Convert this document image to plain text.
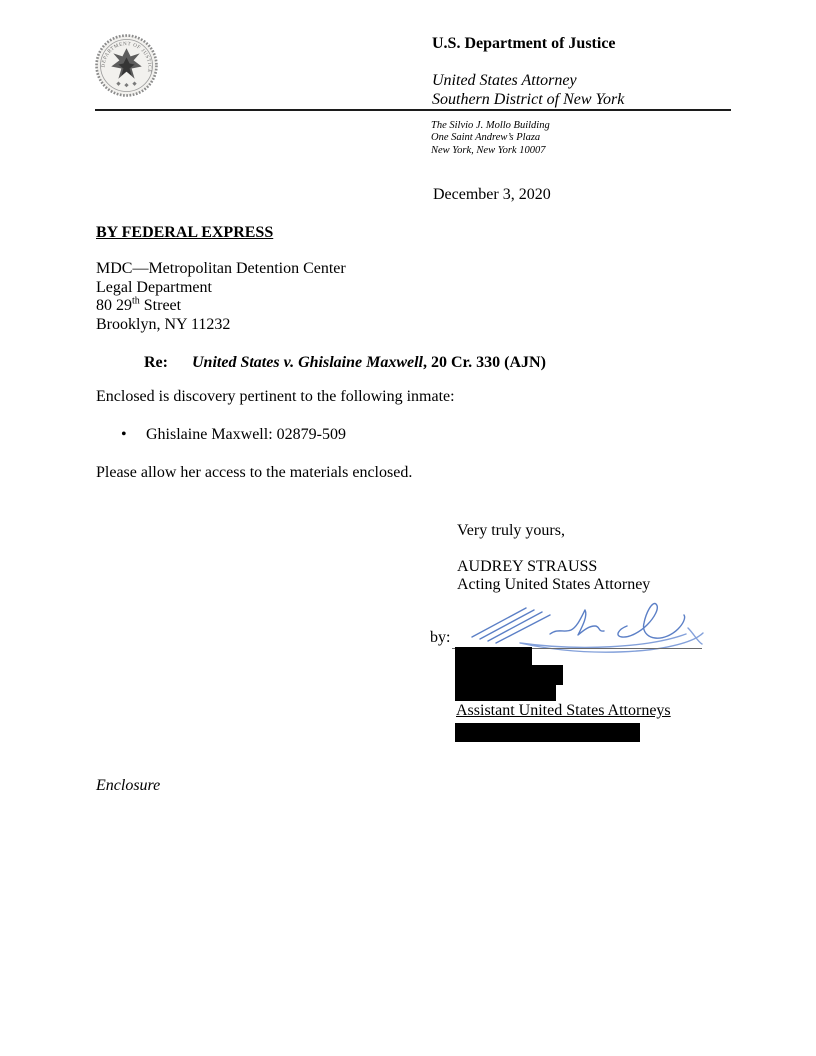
DEPARTMENT OF JUSTICE
U.S. Department of Justice
United States Attorney
Southern District of New York
The Silvio J. Mollo Building
One Saint Andrew’s Plaza
New York, New York 10007
December 3, 2020
BY FEDERAL EXPRESS
MDC—Metropolitan Detention Center
Legal Department
80 29th Street
Brooklyn, NY 11232
Re: United States v. Ghislaine Maxwell, 20 Cr. 330 (AJN)
Enclosed is discovery pertinent to the following inmate:
• Ghislaine Maxwell: 02879-509
Please allow her access to the materials enclosed.
Very truly yours,
AUDREY STRAUSS
Acting United States Attorney
by:
Assistant United States Attorneys
Enclosure
